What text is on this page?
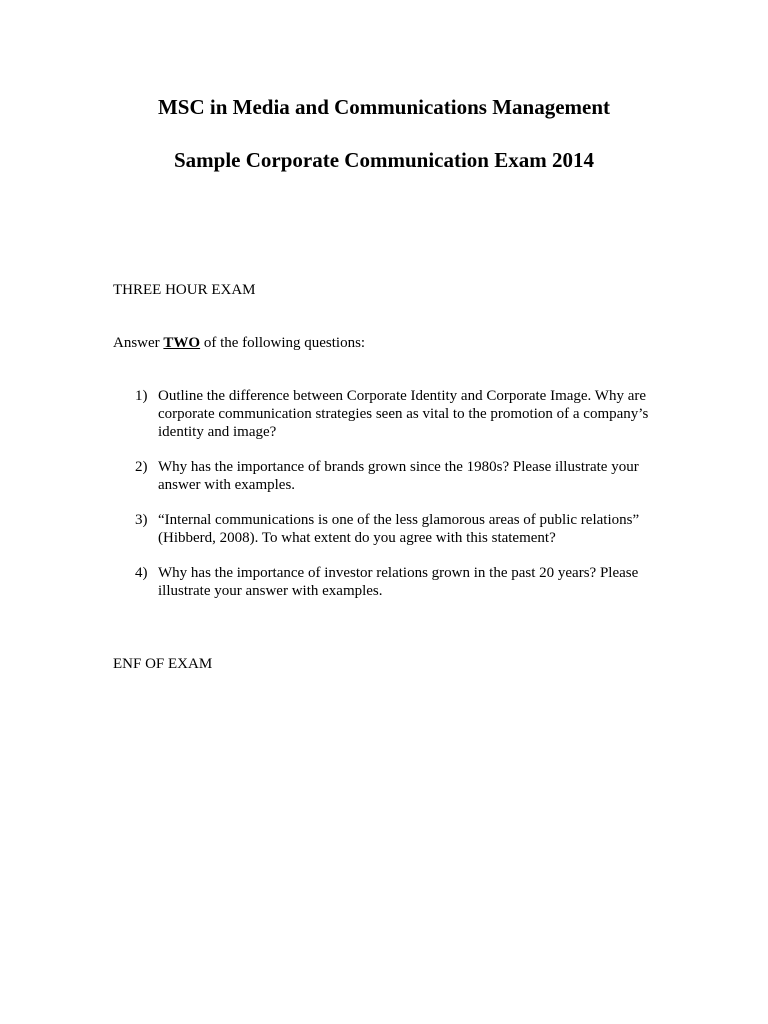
MSC in Media and Communications Management
Sample Corporate Communication Exam 2014

THREE HOUR EXAM

Answer TWO of the following questions:

1) Outline the difference between Corporate Identity and Corporate Image. Why are corporate communication strategies seen as vital to the promotion of a company’s identity and image?
2) Why has the importance of brands grown since the 1980s? Please illustrate your answer with examples.
3) “Internal communications is one of the less glamorous areas of public relations” (Hibberd, 2008). To what extent do you agree with this statement?
4) Why has the importance of investor relations grown in the past 20 years? Please illustrate your answer with examples.

ENF OF EXAM
